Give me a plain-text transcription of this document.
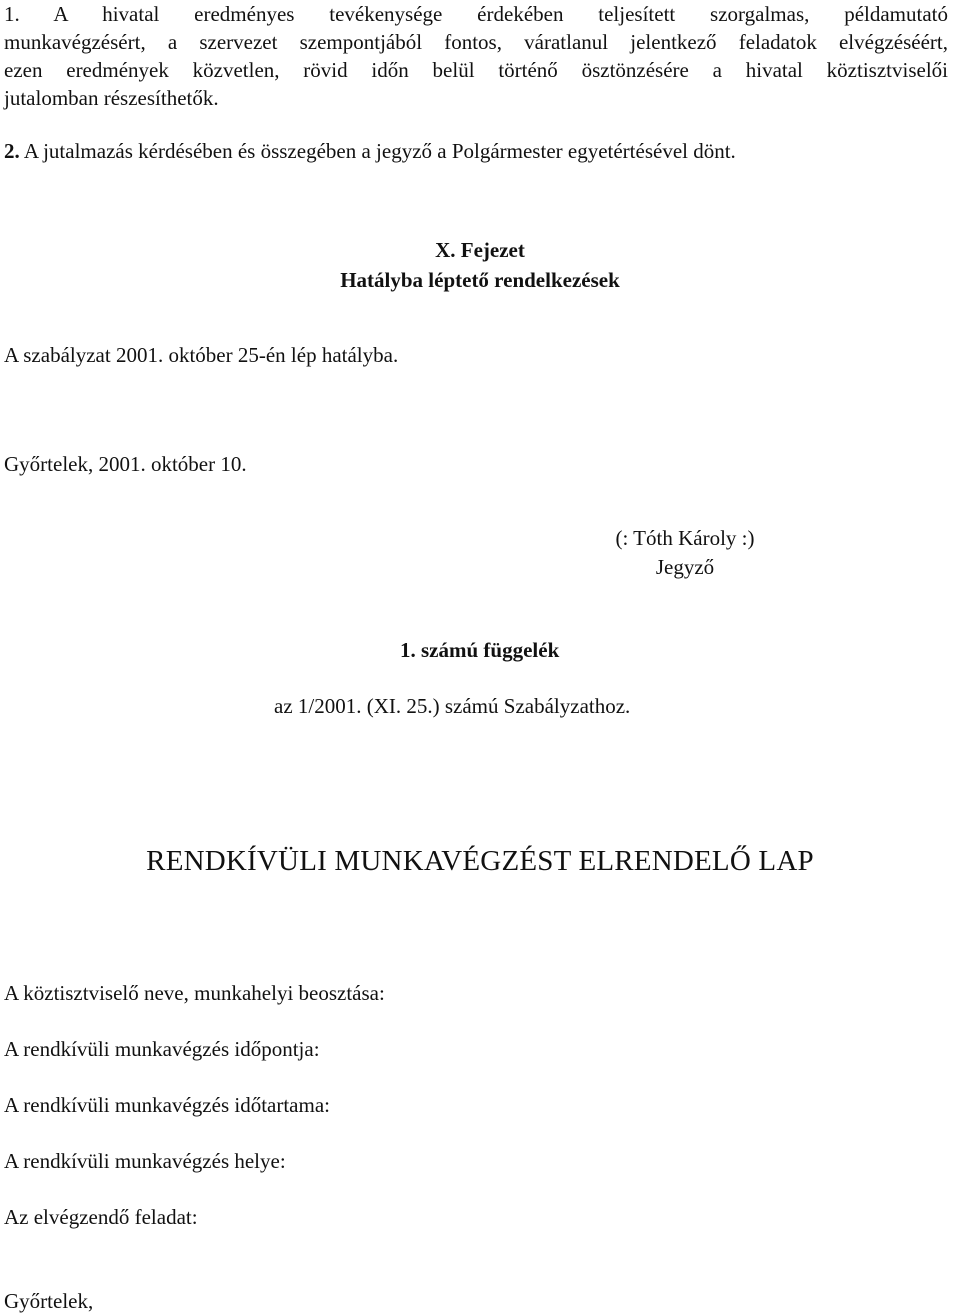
1. A hivatal eredményes tevékenysége érdekében teljesített szorgalmas, példamutató
munkavégzésért, a szervezet szempontjából fontos, váratlanul jelentkező feladatok elvégzéséért,
ezen eredmények közvetlen, rövid időn belül történő ösztönzésére a hivatal köztisztviselői
jutalomban részesíthetők.

2. A jutalmazás kérdésében és összegében a jegyző a Polgármester egyetértésével dönt.

X. Fejezet

Hatályba léptető rendelkezések

A szabályzat 2001. október 25-én lép hatályba.

Győrtelek, 2001. október 10.

(: Tóth Károly :)

Jegyző

1. számú függelék

az 1/2001. (XI. 25.) számú Szabályzathoz.

RENDKÍVÜLI MUNKAVÉGZÉST ELRENDELŐ LAP

A köztisztviselő neve, munkahelyi beosztása:

A rendkívüli munkavégzés időpontja:

A rendkívüli munkavégzés időtartama:

A rendkívüli munkavégzés helye:

Az elvégzendő feladat:

Győrtelek,
